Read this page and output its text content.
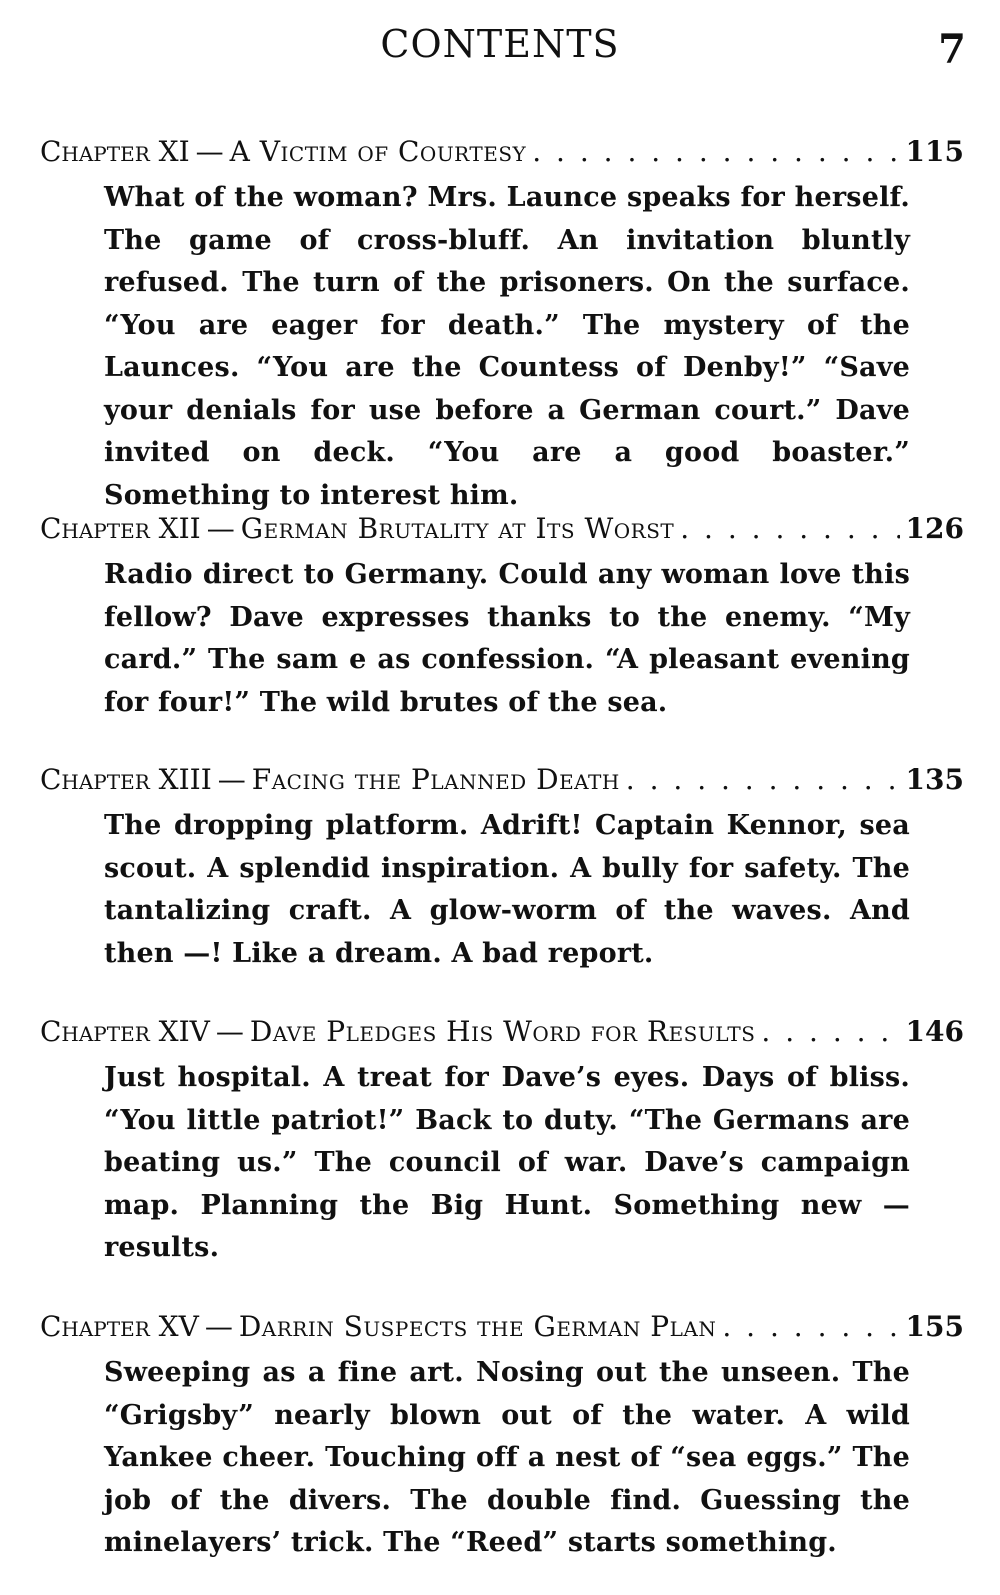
CONTENTS	7
Chapter XI — A Victim of Courtesy . . .	115

What of the woman? Mrs. Launce speaks for herself. The game of cross-bluff. An invitation bluntly refused. The turn of the prisoners. On the surface. “You are eager for death.” The mystery of the Launces. “You are the Countess of Denby!” “Save your denials for use before a German court.” Dave invited on deck. “You are a good boaster.” Something to interest him.

Chapter XII — German Brutality at Its Worst . . .	126

Radio direct to Germany. Could any woman love this fellow? Dave expresses thanks to the enemy. “My card.” The sam e as confession. “A pleasant evening for four!” The wild brutes of the sea.

Chapter XIII — Facing the Planned Death . . .	135

The dropping platform. Adrift! Captain Kennor, sea scout. A splendid inspiration. A bully for safety. The tantalizing craft. A glow-worm of the waves. And then —! Like a dream. A bad report.

Chapter XIV — Dave Pledges His Word for Results . . .	146

Just hospital. A treat for Dave’s eyes. Days of bliss. “You little patriot!” Back to duty. “The Germans are beating us.” The council of war. Dave’s campaign map. Planning the Big Hunt. Something new — results.

Chapter XV — Darrin Suspects the German Plan . . .	155

Sweeping as a fine art. Nosing out the unseen. The “Grigsby” nearly blown out of the water. A wild Yankee cheer. Touching off a nest of “sea eggs.” The job of the divers. The double find. Guessing the minelayers’ trick. The “Reed” starts something.
